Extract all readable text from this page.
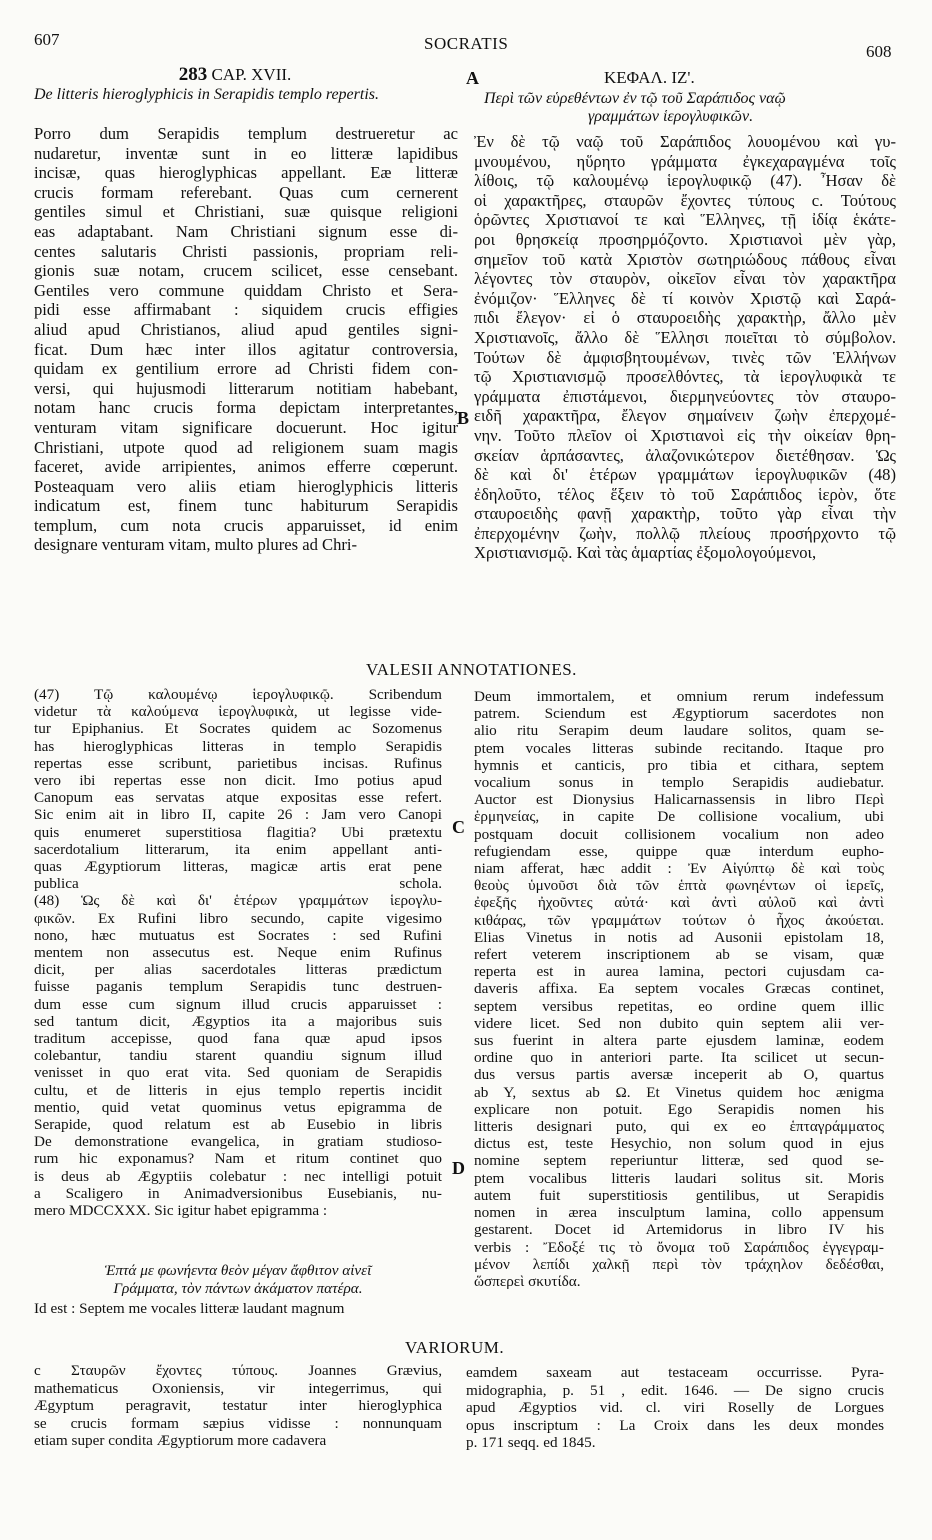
607	SOCRATIS	608
283 CAP. XVII.
De litteris hieroglyphicis in Serapidis templo repertis.
ΚΕΦΑΛ. ΙΖ'.
Περὶ τῶν εὑρεθέντων ἐν τῷ τοῦ Σαράπιδος ναῷ
γραμμάτων ἱερογλυφικῶν.
A
B
C
D
Porro dum Serapidis templum destrueretur ac
nudaretur, inventæ sunt in eo litteræ lapidibus
incisæ, quas hieroglyphicas appellant. Eæ litteræ
crucis formam referebant. Quas cum cernerent
gentiles simul et Christiani, suæ quisque religioni
eas adaptabant. Nam Christiani signum esse di-
centes salutaris Christi passionis, propriam reli-
gionis suæ notam, crucem scilicet, esse censebant.
Gentiles vero commune quiddam Christo et Sera-
pidi esse affirmabant : siquidem crucis effigies
aliud apud Christianos, aliud apud gentiles signi-
ficat. Dum hæc inter illos agitatur controversia,
quidam ex gentilium errore ad Christi fidem con-
versi, qui hujusmodi litterarum notitiam habebant,
notam hanc crucis forma depictam interpretantes,
venturam vitam significare docuerunt. Hoc igitur
Christiani, utpote quod ad religionem suam magis
faceret, avide arripientes, animos efferre cœperunt.
Posteaquam vero aliis etiam hieroglyphicis litteris
indicatum est, finem tunc habiturum Serapidis
templum, cum nota crucis apparuisset, id enim
designare venturam vitam, multo plures ad Chri-
Ἐν δὲ τῷ ναῷ τοῦ Σαράπιδος λουομένου καὶ γυ-
μνουμένου, ηὕρητο γράμματα ἐγκεχαραγμένα τοῖς
λίθοις, τῷ καλουμένῳ ἱερογλυφικῷ (47). Ἦσαν δὲ
οἱ χαρακτῆρες, σταυρῶν ἔχοντες τύπους c. Τούτους
ὁρῶντες Χριστιανοί τε καὶ Ἕλληνες, τῇ ἰδίᾳ ἑκάτε-
ροι θρησκείᾳ προσηρμόζοντο. Χριστιανοὶ μὲν γὰρ,
σημεῖον τοῦ κατὰ Χριστὸν σωτηριώδους πάθους εἶναι
λέγοντες τὸν σταυρὸν, οἰκεῖον εἶναι τὸν χαρακτῆρα
ἐνόμιζον· Ἕλληνες δὲ τί κοινὸν Χριστῷ καὶ Σαρά-
πιδι ἔλεγον· εἰ ὁ σταυροειδὴς χαρακτὴρ, ἄλλο μὲν
Χριστιανοῖς, ἄλλο δὲ Ἕλλησι ποιεῖται τὸ σύμβολον.
Τούτων δὲ ἀμφισβητουμένων, τινὲς τῶν Ἑλλήνων
τῷ Χριστιανισμῷ προσελθόντες, τὰ ἱερογλυφικὰ τε
γράμματα ἐπιστάμενοι, διερμηνεύοντες τὸν σταυρο-
ειδῆ χαρακτῆρα, ἔλεγον σημαίνειν ζωὴν ἐπερχομέ-
νην. Τοῦτο πλεῖον οἱ Χριστιανοὶ εἰς τὴν οἰκείαν θρη-
σκείαν ἁρπάσαντες, ἀλαζονικώτερον διετέθησαν. Ὡς
δὲ καὶ δι' ἑτέρων γραμμάτων ἱερογλυφικῶν (48)
ἐδηλοῦτο, τέλος ἕξειν τὸ τοῦ Σαράπιδος ἱερὸν, ὅτε
σταυροειδὴς φανῇ χαρακτὴρ, τοῦτο γὰρ εἶναι τὴν
ἐπερχομένην ζωὴν, πολλῷ πλείους προσήρχοντο τῷ
Χριστιανισμῷ. Καὶ τὰς ἁμαρτίας ἐξομολογούμενοι,
VALESII ANNOTATIONES.
(47) Τῷ καλουμένῳ ἱερογλυφικῷ. Scribendum
videtur τὰ καλούμενα ἱερογλυφικὰ, ut legisse vide-
tur Epiphanius. Et Socrates quidem ac Sozomenus
has hieroglyphicas litteras in templo Serapidis
repertas esse scribunt, parietibus incisas. Rufinus
vero ibi repertas esse non dicit. Imo potius apud
Canopum eas servatas atque expositas esse refert.
Sic enim ait in libro II, capite 26 : Jam vero Canopi
quis enumeret superstitiosa flagitia? Ubi prætextu
sacerdotalium litterarum, ita enim appellant anti-
quas Ægyptiorum litteras, magicæ artis erat pene
publica schola.
(48) Ὡς δὲ καὶ δι' ἑτέρων γραμμάτων ἱερογλυ-
φικῶν. Ex Rufini libro secundo, capite vigesimo
nono, hæc mutuatus est Socrates : sed Rufini
mentem non assecutus est. Neque enim Rufinus
dicit, per alias sacerdotales litteras prædictum
fuisse paganis templum Serapidis tunc destruen-
dum esse cum signum illud crucis apparuisset :
sed tantum dicit, Ægyptios ita a majoribus suis
traditum accepisse, quod fana quæ apud ipsos
colebantur, tandiu starent quandiu signum illud
venisset in quo erat vita. Sed quoniam de Serapidis
cultu, et de litteris in ejus templo repertis incidit
mentio, quid vetat quominus vetus epigramma de
Serapide, quod relatum est ab Eusebio in libris
De demonstratione evangelica, in gratiam studioso-
rum hic exponamus? Nam et ritum continet quo
is deus ab Ægyptiis colebatur : nec intelligi potuit
a Scaligero in Animadversionibus Eusebianis, nu-
mero MDCCXXX. Sic igitur habet epigramma :
Ἑπτά με φωνήεντα θεὸν μέγαν ἄφθιτον αἰνεῖ
Γράμματα, τὸν πάντων ἀκάματον πατέρα.
Id est : Septem me vocales litteræ laudant magnum
Deum immortalem, et omnium rerum indefessum
patrem. Sciendum est Ægyptiorum sacerdotes non
alio ritu Serapim deum laudare solitos, quam se-
ptem vocales litteras subinde recitando. Itaque pro
hymnis et canticis, pro tibia et cithara, septem
vocalium sonus in templo Serapidis audiebatur.
Auctor est Dionysius Halicarnassensis in libro Περὶ
ἑρμηνείας, in capite De collisione vocalium, ubi
postquam docuit collisionem vocalium non adeo
refugiendam esse, quippe quæ interdum eupho-
niam afferat, hæc addit : Ἐν Αἰγύπτῳ δὲ καὶ τοὺς
θεοὺς ὑμνοῦσι διὰ τῶν ἑπτὰ φωνηέντων οἱ ἱερεῖς,
ἐφεξῆς ἠχοῦντες αὐτά· καὶ ἀντὶ αὐλοῦ καὶ ἀντὶ
κιθάρας, τῶν γραμμάτων τούτων ὁ ἦχος ἀκούεται.
Elias Vinetus in notis ad Ausonii epistolam 18,
refert veterem inscriptionem ab se visam, quæ
reperta est in aurea lamina, pectori cujusdam ca-
daveris affixa. Ea septem vocales Græcas continet,
septem versibus repetitas, eo ordine quem illic
videre licet. Sed non dubito quin septem alii ver-
sus fuerint in altera parte ejusdem laminæ, eodem
ordine quo in anteriori parte. Ita scilicet ut secun-
dus versus partis aversæ inceperit ab O, quartus
ab Y, sextus ab Ω. Et Vinetus quidem hoc ænigma
explicare non potuit. Ego Serapidis nomen his
litteris designari puto, qui ex eo ἑπταγράμματος
dictus est, teste Hesychio, non solum quod in ejus
nomine septem reperiuntur litteræ, sed quod se-
ptem vocalibus litteris laudari solitus sit. Moris
autem fuit superstitiosis gentilibus, ut Serapidis
nomen in ærea insculptum lamina, collo appensum
gestarent. Docet id Artemidorus in libro IV his
verbis : Ἔδοξέ τις τὸ ὄνομα τοῦ Σαράπιδος ἐγγεγραμ-
μένον λεπίδι χαλκῇ περὶ τὸν τράχηλον δεδέσθαι,
ὥσπερεὶ σκυτίδα.
VARIORUM.
c Σταυρῶν ἔχοντες τύπους. Joannes Grævius,
mathematicus Oxoniensis, vir integerrimus, qui
Ægyptum peragravit, testatur inter hieroglyphica
se crucis formam sæpius vidisse : nonnunquam
etiam super condita Ægyptiorum more cadavera
eamdem saxeam aut testaceam occurrisse. Pyra-
midographia, p. 51 , edit. 1646. — De signo crucis
apud Ægyptios vid. cl. viri Roselly de Lorgues
opus inscriptum : La Croix dans les deux mondes
p. 171 seqq. ed 1845.
